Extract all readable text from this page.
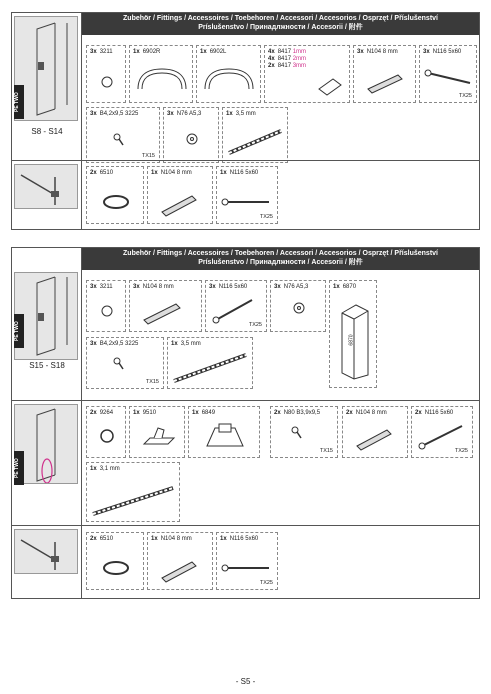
Zubehör / Fittings / Accessoires / Toebehoren / Accessori / Accesorios / Osprzęt / Příslušenství
Príslušenstvo / Принадлжности / Accesorii / 附件
PE TWO
S8 - S14
3x 3211	1x 6902R	1x 6902L	4x 8417 1mm
4x 8417 2mm
2x 8417 3mm
3x N104 8 mm	3x N116 5x60
TX25
3x B4,2x9,5 3225
TX15
3x N76 A5,3	1x 3,5 mm
2x 6510	1x N104 8 mm	1x N116 5x60
TX25
Zubehör / Fittings / Accessoires / Toebehoren / Accessori / Accesorios / Osprzęt / Příslušenství
Príslušenstvo / Принадлжности / Accesorii / 附件
PE TWO
S15 - S18
3x 3211	3x N104 8 mm	3x N116 5x60
TX25
3x N76 A5,3	1x 6870
6870
3x B4,2x9,5 3225
TX15
1x 3,5 mm
PE TWO
2x 9264	1x 9510	1x 6849	2x N80 B3,9x9,5
TX15
2x N104 8 mm	2x N116 5x60
TX25
1x 3,1 mm
2x 6510	1x N104 8 mm	1x N116 5x60
TX25
- S5 -
